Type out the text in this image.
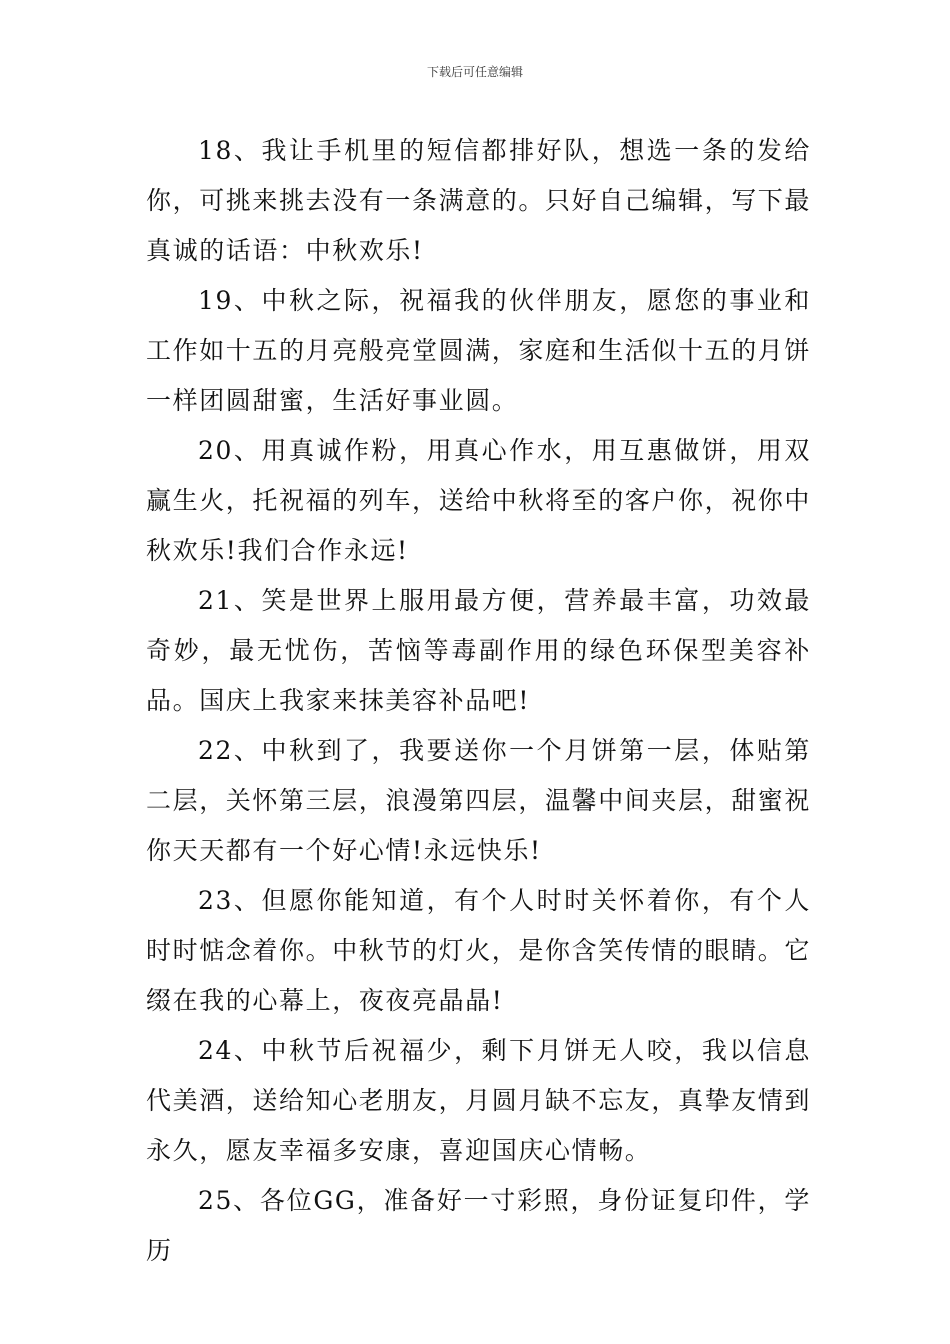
下载后可任意编辑

18、我让手机里的短信都排好队，想选一条的发给你，可挑来挑去没有一条满意的。只好自己编辑，写下最真诚的话语：中秋欢乐!

19、中秋之际，祝福我的伙伴朋友，愿您的事业和工作如十五的月亮般亮堂圆满，家庭和生活似十五的月饼一样团圆甜蜜，生活好事业圆。

20、用真诚作粉，用真心作水，用互惠做饼，用双赢生火，托祝福的列车，送给中秋将至的客户你，祝你中秋欢乐!我们合作永远!

21、笑是世界上服用最方便，营养最丰富，功效最奇妙，最无忧伤，苦恼等毒副作用的绿色环保型美容补品。国庆上我家来抹美容补品吧!

22、中秋到了，我要送你一个月饼第一层，体贴第二层，关怀第三层，浪漫第四层，温馨中间夹层，甜蜜祝你天天都有一个好心情!永远快乐!

23、但愿你能知道，有个人时时关怀着你，有个人时时惦念着你。中秋节的灯火，是你含笑传情的眼睛。它缀在我的心幕上，夜夜亮晶晶!

24、中秋节后祝福少，剩下月饼无人咬，我以信息代美酒，送给知心老朋友，月圆月缺不忘友，真挚友情到永久，愿友幸福多安康，喜迎国庆心情畅。

25、各位GG，准备好一寸彩照，身份证复印件，学历
